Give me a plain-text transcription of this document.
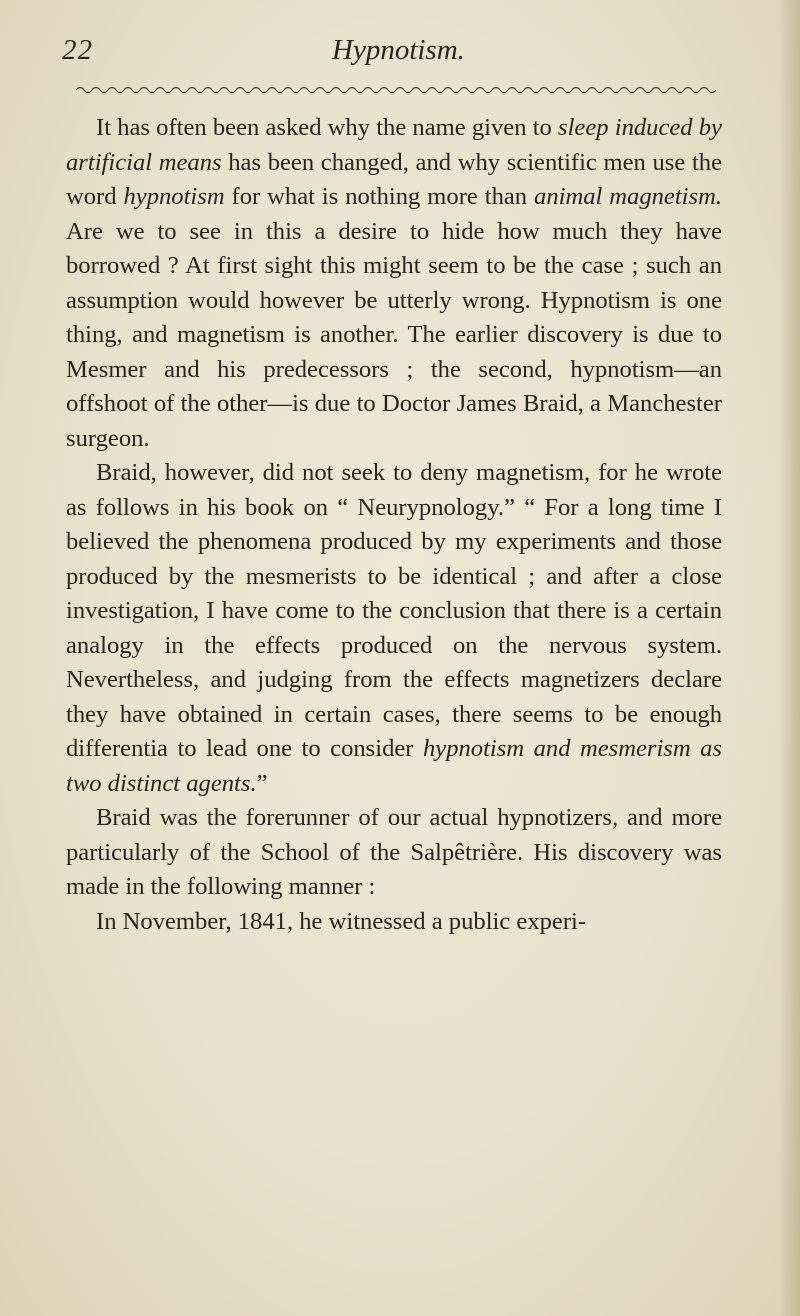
22	Hypnotism.

It has often been asked why the name given to sleep induced by artificial means has been changed, and why scientific men use the word hypnotism for what is nothing more than animal magnetism. Are we to see in this a desire to hide how much they have borrowed ? At first sight this might seem to be the case ; such an assumption would however be utterly wrong. Hypnotism is one thing, and magnetism is another. The earlier discovery is due to Mesmer and his predecessors ; the second, hypnotism—an offshoot of the other—is due to Doctor James Braid, a Manchester surgeon.

Braid, however, did not seek to deny magnetism, for he wrote as follows in his book on “ Neurypnology.” “ For a long time I believed the phenomena produced by my experiments and those produced by the mesmerists to be identical ; and after a close investigation, I have come to the conclusion that there is a certain analogy in the effects produced on the nervous system. Nevertheless, and judging from the effects magnetizers declare they have obtained in certain cases, there seems to be enough differentia to lead one to consider hypnotism and mesmerism as two distinct agents.”

Braid was the forerunner of our actual hypnotizers, and more particularly of the School of the Salpêtrière. His discovery was made in the following manner :

In November, 1841, he witnessed a public experi-
